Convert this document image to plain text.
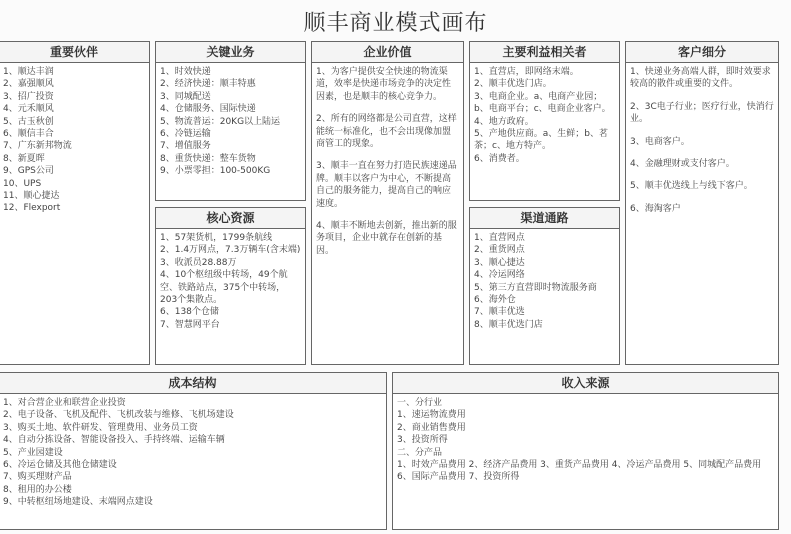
顺丰商业模式画布
重要伙伴
1、顺达丰润
2、嘉强顺风
3、招广投资
4、元禾顺风
5、古玉秋创
6、顺信丰合
7、广东新邦物流
8、新夏晖
9、GPS公司
10、UPS
11、顺心捷达
12、Flexport
关键业务
1、时效快递
2、经济快递：顺丰特惠
3、同城配送
4、仓储服务、国际快递
5、物流普运：20KG以上陆运
6、冷链运输
7、增值服务
8、重货快递：整车货物
9、小票零担：100-500KG
核心资源
1、57架货机，1799条航线
2、1.4万网点，7.3万辆车(含末端)
3、收派员28.88万
4、10个枢纽级中转场，49个航空、铁路站点，375个中转场，203个集散点。
6、138个仓储
7、智慧网平台
企业价值
1、为客户提供安全快速的物流渠道，效率是快递市场竞争的决定性因素，也是顺丰的核心竞争力。
2、所有的网络都是公司直营，这样能统一标准化，也不会出现像加盟商管工的现象。
3、顺丰一直在努力打造民族速递品牌。顺丰以客户为中心，不断提高自己的服务能力，提高自己的响应速度。
4、顺丰不断地去创新，推出新的服务项目，企业中就存在创新的基因。
主要利益相关者
1、直营店，即网络末端。
2、顺丰优选门店。
3、电商企业。a、电商产业园；b、电商平台；c、电商企业客户。
4、地方政府。
5、产地供应商。a、生鲜；b、茗茶；c、地方特产。
6、消费者。
渠道通路
1、直营网点
2、重货网点
3、顺心捷达
4、冷运网络
5、第三方直营即时物流服务商
6、海外仓
7、顺丰优选
8、顺丰优选门店
客户细分
1、快递业务高端人群，即时效要求较高的散件或重要的文件。
2、3C电子行业；医疗行业，快消行业。
3、电商客户。
4、金融理财或支付客户。
5、顺丰优选线上与线下客户。
6、海淘客户
成本结构
1、对合营企业和联营企业投资
2、电子设备、飞机及配件、飞机改装与维修、飞机场建设
3、购买土地、软件研发、管理费用、业务员工资
4、自动分拣设备、智能设备投入、手持终端、运输车辆
5、产业园建设
6、冷运仓储及其他仓储建设
7、购买理财产品
8、租用的办公楼
9、中转枢纽场地建设、末端网点建设
收入来源
一、分行业
1、速运物流费用
2、商业销售费用
3、投资所得
二、分产品
1、时效产品费用 2、经济产品费用 3、重货产品费用 4、冷运产品费用 5、同城配产品费用 6、国际产品费用 7、投资所得
